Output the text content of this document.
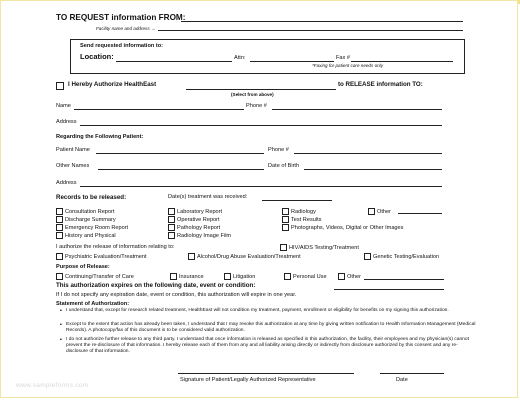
TO REQUEST information FROM:
Facility name and address →
Send requested information to:
Location:	Attn:	Fax #
*Faxing for patient care needs only
I Hereby Authorize HealthEast
(Select from above)
to RELEASE information TO:
Name	Phone #
Address
Regarding the Following Patient:
Patient Name	Phone #
Other Names	Date of Birth
Address
Records to be released:	Date(s) treatment was received:
Consultation Report	Laboratory Report	Radiology	Other
Discharge Summary	Operative Report	Test Results
Emergency Room Report	Pathology Report	Photographs, Videos, Digital or Other Images
History and Physical	Radiology Image Film
I authorize the release of information relating to:	HIV/AIDS Testing/Treatment
Psychiatric Evaluation/Treatment	Alcohol/Drug Abuse Evaluation/Treatment	Genetic Testing/Evaluation
Purpose of Release:
Continuing/Transfer of Care	Insurance	Litigation	Personal Use	Other
This authorization expires on the following date, event or condition:
If I do not specify any expiration date, event or condition, this authorization will expire in one year.
Statement of Authorization:
▪ I understand that, except for research related treatment, HealthEast will not condition my treatment, payment, enrollment or eligibility for benefits on my signing this authorization.
▪ Except to the extent that action has already been taken, I understand that I may revoke this authorization at any time by giving written notification to Health Information Management (Medical Records). A photocopy/fax of this document is to be considered valid authorization.
▪ I do not authorize further release to any third party. I understand that once information is released as specified in this authorization, the facility, their employees and my physician(s) cannot prevent the re-disclosure of that information. I hereby release each of them from any and all liability arising directly or indirectly from disclosure authorized by this consent and any re-disclosure of that information.
Signature of Patient/Legally Authorized Representative	Date
www.sampleforms.com
